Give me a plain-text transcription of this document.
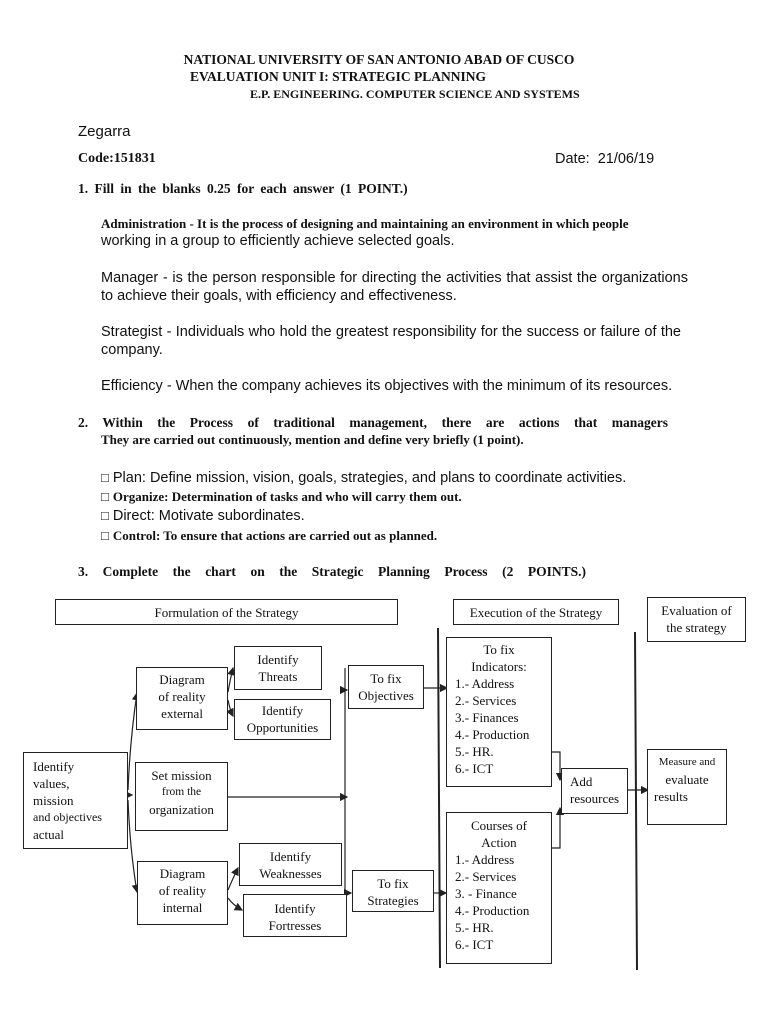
NATIONAL UNIVERSITY OF SAN ANTONIO ABAD OF CUSCO
EVALUATION UNIT I: STRATEGIC PLANNING
E.P. ENGINEERING. COMPUTER SCIENCE AND SYSTEMS
Zegarra
Code:151831	Date:  21/06/19
1. Fill in the blanks 0.25 for each answer (1 POINT.)
Administration - It is the process of designing and maintaining an environment in which people
working in a group to efficiently achieve selected goals.
Manager - is the person responsible for directing the activities that assist the organizations to achieve their goals, with efficiency and effectiveness.
Strategist - Individuals who hold the greatest responsibility for the success or failure of the company.
Efficiency - When the company achieves its objectives with the minimum of its resources.
2. Within the Process of traditional management, there are actions that managers
They are carried out continuously, mention and define very briefly (1 point).
□ Plan: Define mission, vision, goals, strategies, and plans to coordinate activities.
□ Organize: Determination of tasks and who will carry them out.
□ Direct: Motivate subordinates.
□ Control: To ensure that actions are carried out as planned.
3. Complete the chart on the Strategic Planning Process (2 POINTS.)
Formulation of the Strategy	Execution of the Strategy	Evaluation of
the strategy
Identify
values,
mission
and objectives
actual
Diagram
of reality
external
Set mission
from the
organization
Diagram
of reality
internal
Identify
Threats
Identify
Opportunities
Identify
Weaknesses
Identify
Fortresses
To fix
Objectives
To fix
Strategies
To fix
Indicators:
1.- Address
2.- Services
3.- Finances
4.- Production
5.- HR.
6.- ICT
Courses of
Action
1.- Address
2.- Services
3. - Finance
4.- Production
5.- HR.
6.- ICT
Add
resources
Measure and
evaluate
results
